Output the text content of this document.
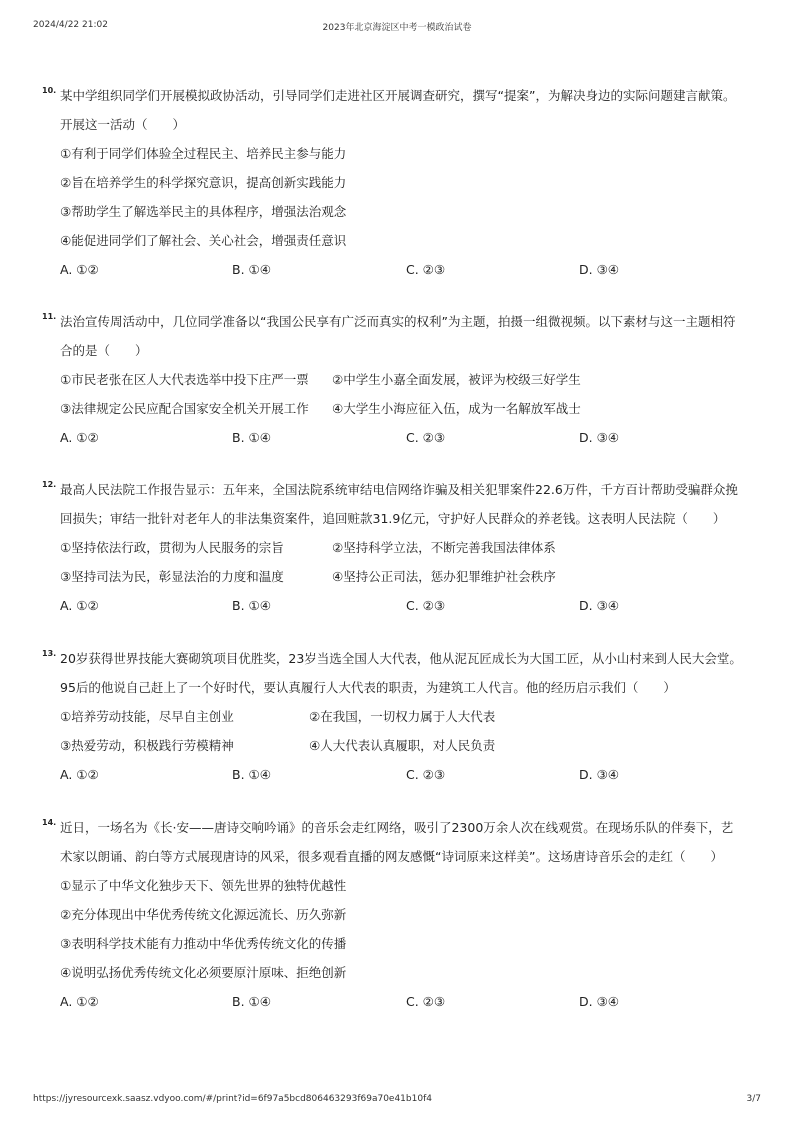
2024/4/22 21:02	2023年北京海淀区中考一模政治试卷
10. 某中学组织同学们开展模拟政协活动，引导同学们走进社区开展调查研究，撰写“提案”，为解决身边的实际问题建言献策。
开展这一活动（　　）
①有利于同学们体验全过程民主、培养民主参与能力
②旨在培养学生的科学探究意识，提高创新实践能力
③帮助学生了解选举民主的具体程序，增强法治观念
④能促进同学们了解社会、关心社会，增强责任意识
A. ①②	B. ①④	C. ②③	D. ③④
11. 法治宣传周活动中，几位同学准备以“我国公民享有广泛而真实的权利”为主题，拍摄一组微视频。以下素材与这一主题相符
合的是（　　）
①市民老张在区人大代表选举中投下庄严一票 ②中学生小嘉全面发展，被评为校级三好学生
③法律规定公民应配合国家安全机关开展工作 ④大学生小海应征入伍，成为一名解放军战士
A. ①②	B. ①④	C. ②③	D. ③④
12. 最高人民法院工作报告显示：五年来，全国法院系统审结电信网络诈骗及相关犯罪案件22.6万件，千方百计帮助受骗群众挽
回损失；审结一批针对老年人的非法集资案件，追回赃款31.9亿元，守护好人民群众的养老钱。这表明人民法院（　　）
①坚持依法行政，贯彻为人民服务的宗旨	②坚持科学立法，不断完善我国法律体系
③坚持司法为民，彰显法治的力度和温度	④坚持公正司法，惩办犯罪维护社会秩序
A. ①②	B. ①④	C. ②③	D. ③④
13. 20岁获得世界技能大赛砌筑项目优胜奖，23岁当选全国人大代表，他从泥瓦匠成长为大国工匠，从小山村来到人民大会堂。
95后的他说自己赶上了一个好时代，要认真履行人大代表的职责，为建筑工人代言。他的经历启示我们（　　）
①培养劳动技能，尽早自主创业	②在我国，一切权力属于人大代表
③热爱劳动，积极践行劳模精神	④人大代表认真履职，对人民负责
A. ①②	B. ①④	C. ②③	D. ③④
14. 近日，一场名为《长·安——唐诗交响吟诵》的音乐会走红网络，吸引了2300万余人次在线观赏。在现场乐队的伴奏下，艺
术家以朗诵、韵白等方式展现唐诗的风采，很多观看直播的网友感慨“诗词原来这样美”。这场唐诗音乐会的走红（　　）
①显示了中华文化独步天下、领先世界的独特优越性
②充分体现出中华优秀传统文化源远流长、历久弥新
③表明科学技术能有力推动中华优秀传统文化的传播
④说明弘扬优秀传统文化必须要原汁原味、拒绝创新
A. ①②	B. ①④	C. ②③	D. ③④
https://jyresourcexk.saasz.vdyoo.com/#/print?id=6f97a5bcd806463293f69a70e41b10f4	3/7
